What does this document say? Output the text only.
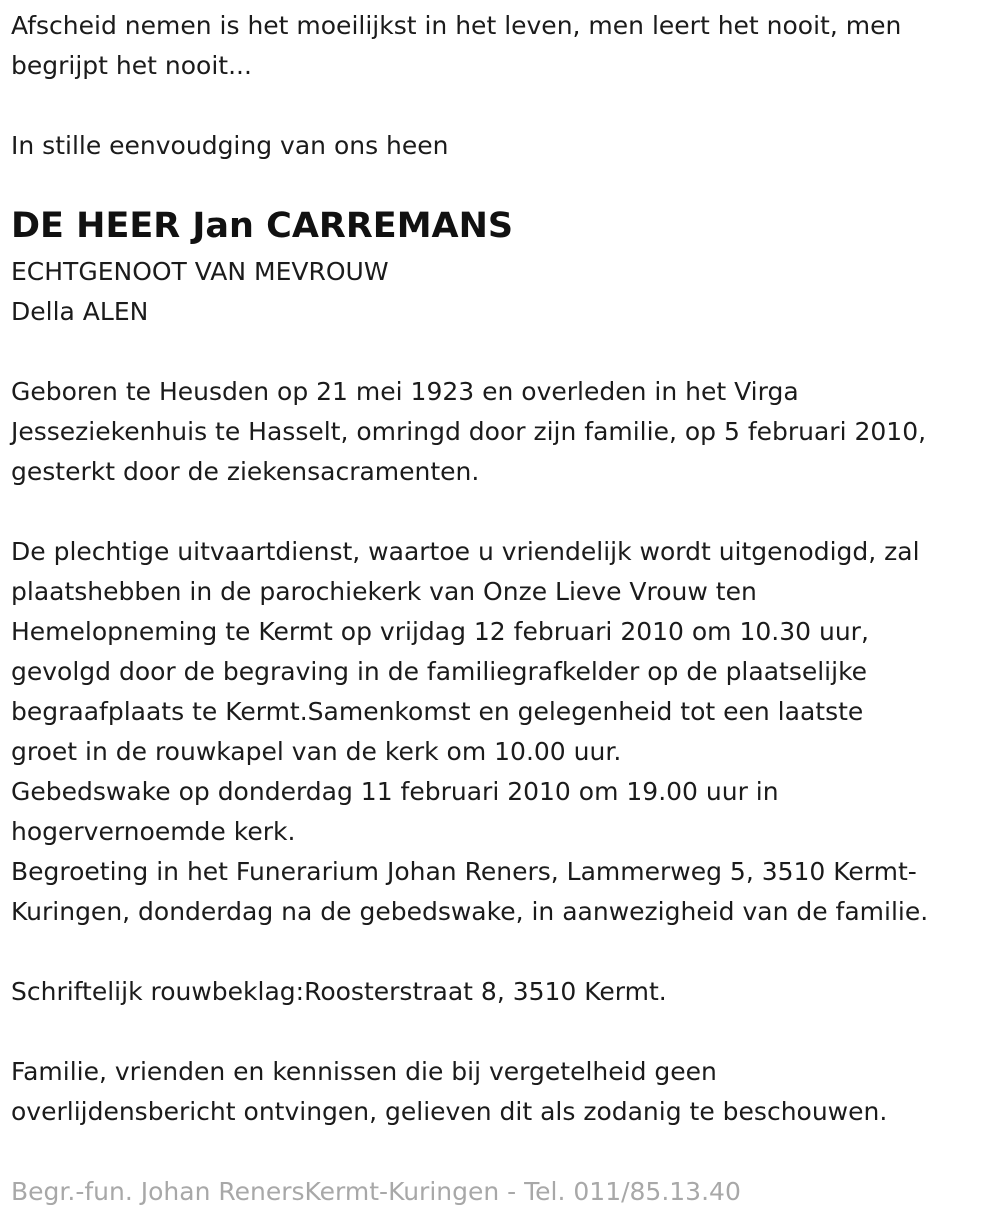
Afscheid nemen is het moeilijkst in het leven, men leert het nooit, men

begrijpt het nooit...

In stille eenvoudging van ons heen

DE HEER Jan CARREMANS

ECHTGENOOT VAN MEVROUW

Della ALEN

Geboren te Heusden op 21 mei 1923 en overleden in het Virga

Jesseziekenhuis te Hasselt, omringd door zijn familie, op 5 februari 2010,

gesterkt door de ziekensacramenten.

De plechtige uitvaartdienst, waartoe u vriendelijk wordt uitgenodigd, zal

plaatshebben in de parochiekerk van Onze Lieve Vrouw ten

Hemelopneming te Kermt op vrijdag 12 februari 2010 om 10.30 uur,

gevolgd door de begraving in de familiegrafkelder op de plaatselijke

begraafplaats te Kermt.Samenkomst en gelegenheid tot een laatste

groet in de rouwkapel van de kerk om 10.00 uur.

Gebedswake op donderdag 11 februari 2010 om 19.00 uur in

hogervernoemde kerk.

Begroeting in het Funerarium Johan Reners, Lammerweg 5, 3510 Kermt-

Kuringen, donderdag na de gebedswake, in aanwezigheid van de familie.

Schriftelijk rouwbeklag:Roosterstraat 8, 3510 Kermt.

Familie, vrienden en kennissen die bij vergetelheid geen

overlijdensbericht ontvingen, gelieven dit als zodanig te beschouwen.

Begr.-fun. Johan RenersKermt-Kuringen - Tel. 011/85.13.40
